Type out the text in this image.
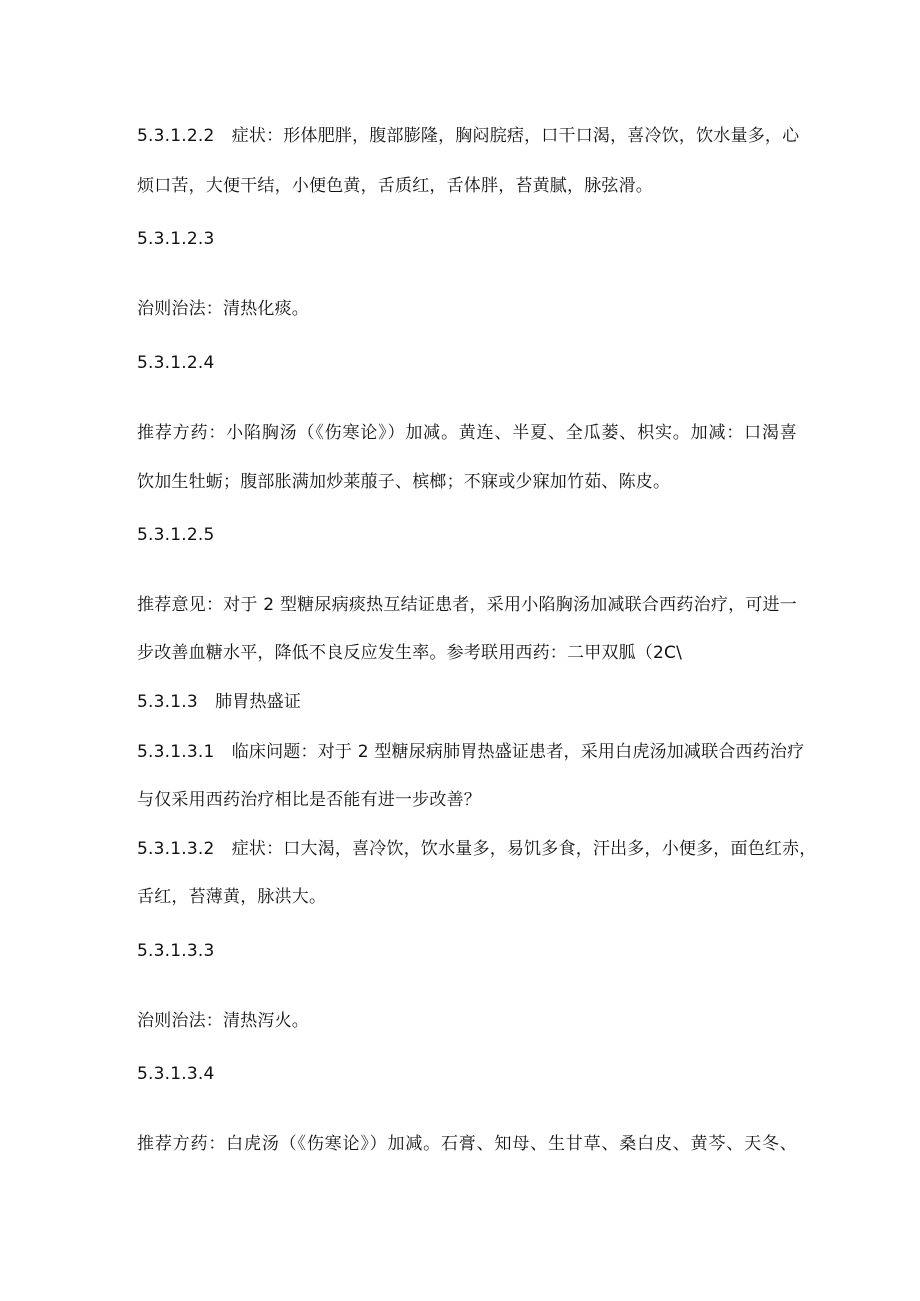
5.3.1.2.2　症状：形体肥胖，腹部膨隆，胸闷脘痞，口干口渴，喜冷饮，饮水量多，心
烦口苦，大便干结，小便色黄，舌质红，舌体胖，苔黄腻，脉弦滑。
5.3.1.2.3
治则治法：清热化痰。
5.3.1.2.4
推荐方药：小陷胸汤（《伤寒论》）加减。黄连、半夏、全瓜蒌、枳实。加减：口渴喜
饮加生牡蛎；腹部胀满加炒莱菔子、槟榔；不寐或少寐加竹茹、陈皮。
5.3.1.2.5
推荐意见：对于 2 型糖尿病痰热互结证患者，采用小陷胸汤加减联合西药治疗，可进一
步改善血糖水平，降低不良反应发生率。参考联用西药：二甲双胍（2C\
5.3.1.3　肺胃热盛证
5.3.1.3.1　临床问题：对于 2 型糖尿病肺胃热盛证患者，采用白虎汤加减联合西药治疗
与仅采用西药治疗相比是否能有进一步改善？
5.3.1.3.2　症状：口大渴，喜冷饮，饮水量多，易饥多食，汗出多，小便多，面色红赤，
舌红，苔薄黄，脉洪大。
5.3.1.3.3
治则治法：清热泻火。
5.3.1.3.4
推荐方药：白虎汤（《伤寒论》）加减。石膏、知母、生甘草、桑白皮、黄芩、天冬、
